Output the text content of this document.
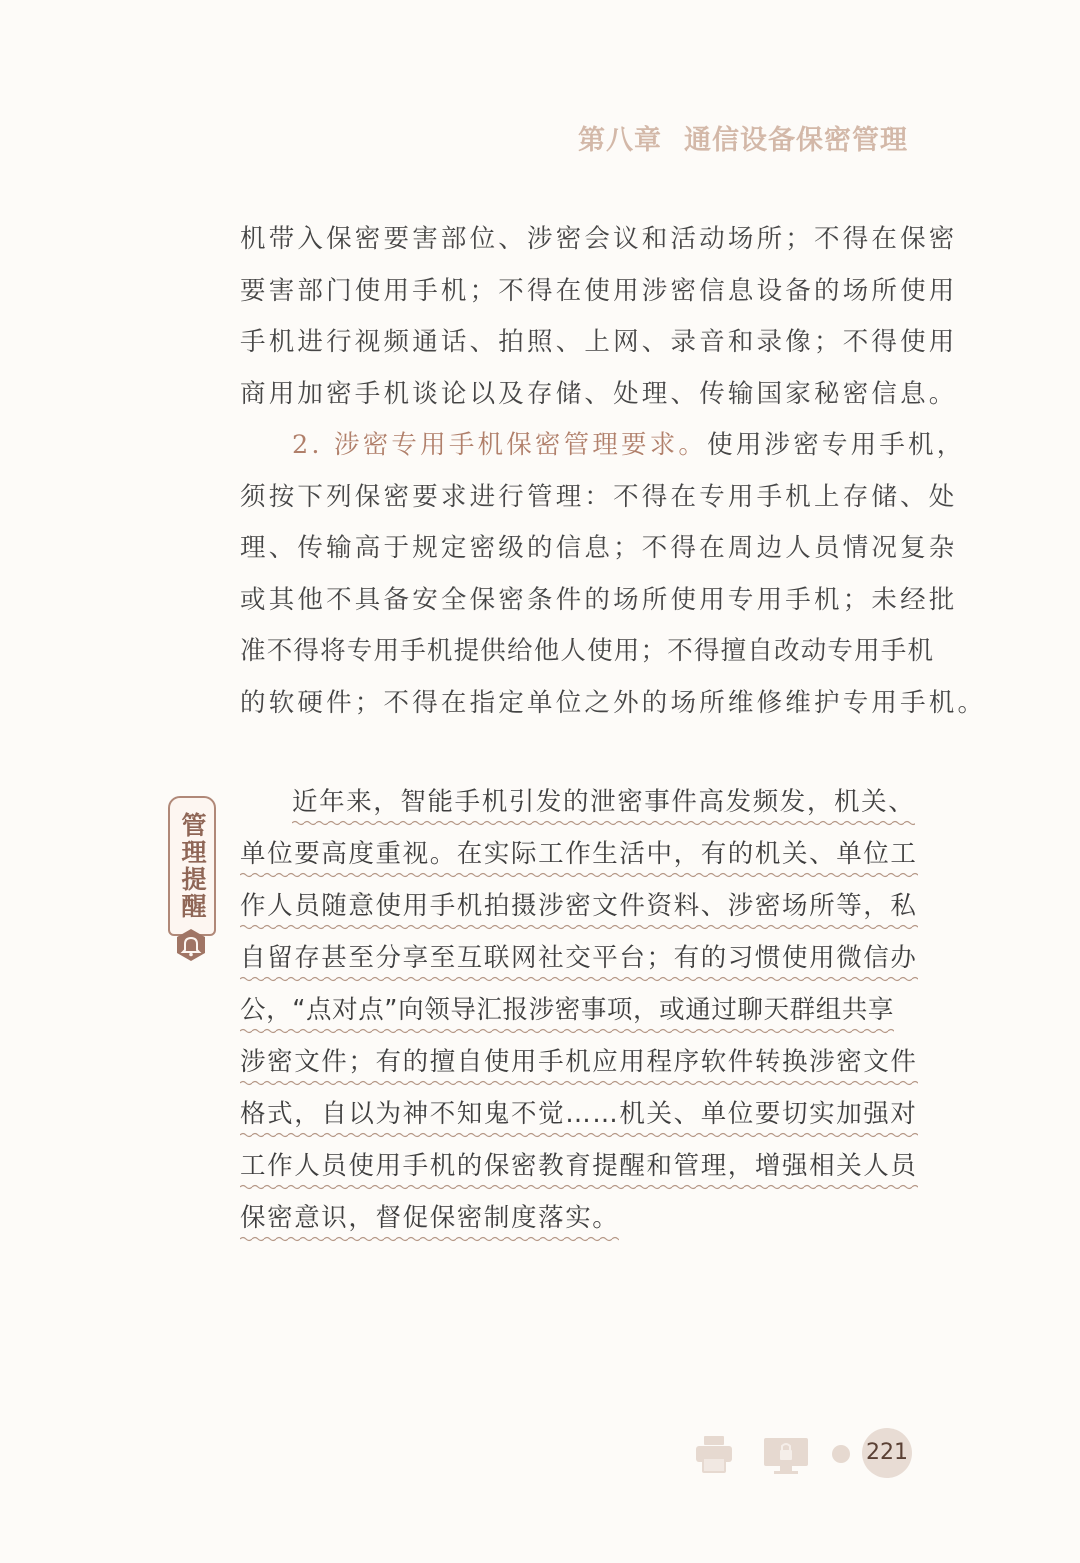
第八章 通信设备保密管理
机带入保密要害部位、涉密会议和活动场所；不得在保密
要害部门使用手机；不得在使用涉密信息设备的场所使用
手机进行视频通话、拍照、上网、录音和录像；不得使用
商用加密手机谈论以及存储、处理、传输国家秘密信息。
2. 涉密专用手机保密管理要求。使用涉密专用手机，
须按下列保密要求进行管理：不得在专用手机上存储、处
理、传输高于规定密级的信息；不得在周边人员情况复杂
或其他不具备安全保密条件的场所使用专用手机；未经批
准不得将专用手机提供给他人使用；不得擅自改动专用手机
的软硬件；不得在指定单位之外的场所维修维护专用手机。
管理提醒
近年来，智能手机引发的泄密事件高发频发，机关、
单位要高度重视。在实际工作生活中，有的机关、单位工
作人员随意使用手机拍摄涉密文件资料、涉密场所等，私
自留存甚至分享至互联网社交平台；有的习惯使用微信办
公，“点对点”向领导汇报涉密事项，或通过聊天群组共享
涉密文件；有的擅自使用手机应用程序软件转换涉密文件
格式，自以为神不知鬼不觉……机关、单位要切实加强对
工作人员使用手机的保密教育提醒和管理，增强相关人员
保密意识，督促保密制度落实。
221
